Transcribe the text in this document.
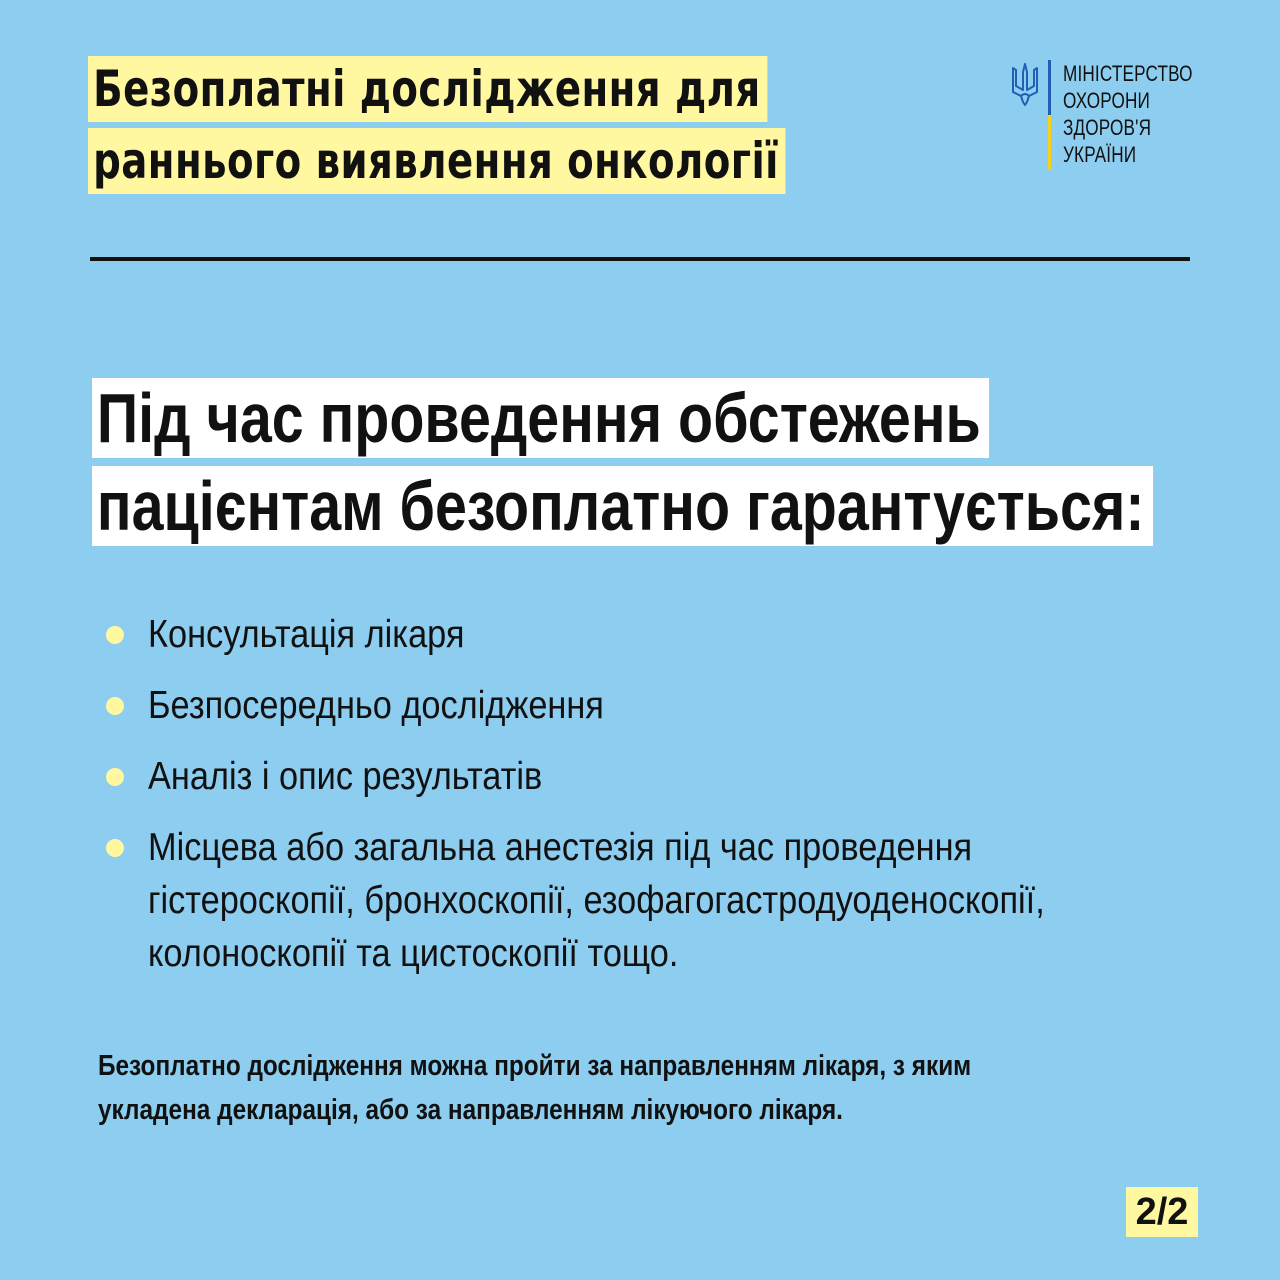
Безоплатні дослідження для
раннього виявлення онкології
МІНІСТЕРСТВО
ОХОРОНИ
ЗДОРОВ'Я
УКРАЇНИ
Під час проведення обстежень
пацієнтам безоплатно гарантується:
Консультація лікаря
Безпосередньо дослідження
Аналіз і опис результатів
Місцева або загальна анестезія під час проведення гістероскопії, бронхоскопії, езофагогастродуоденоскопії, колоноскопії та цистоскопії тощо.
Безоплатно дослідження можна пройти за направленням лікаря, з яким укладена декларація, або за направленням лікуючого лікаря.
2/2
